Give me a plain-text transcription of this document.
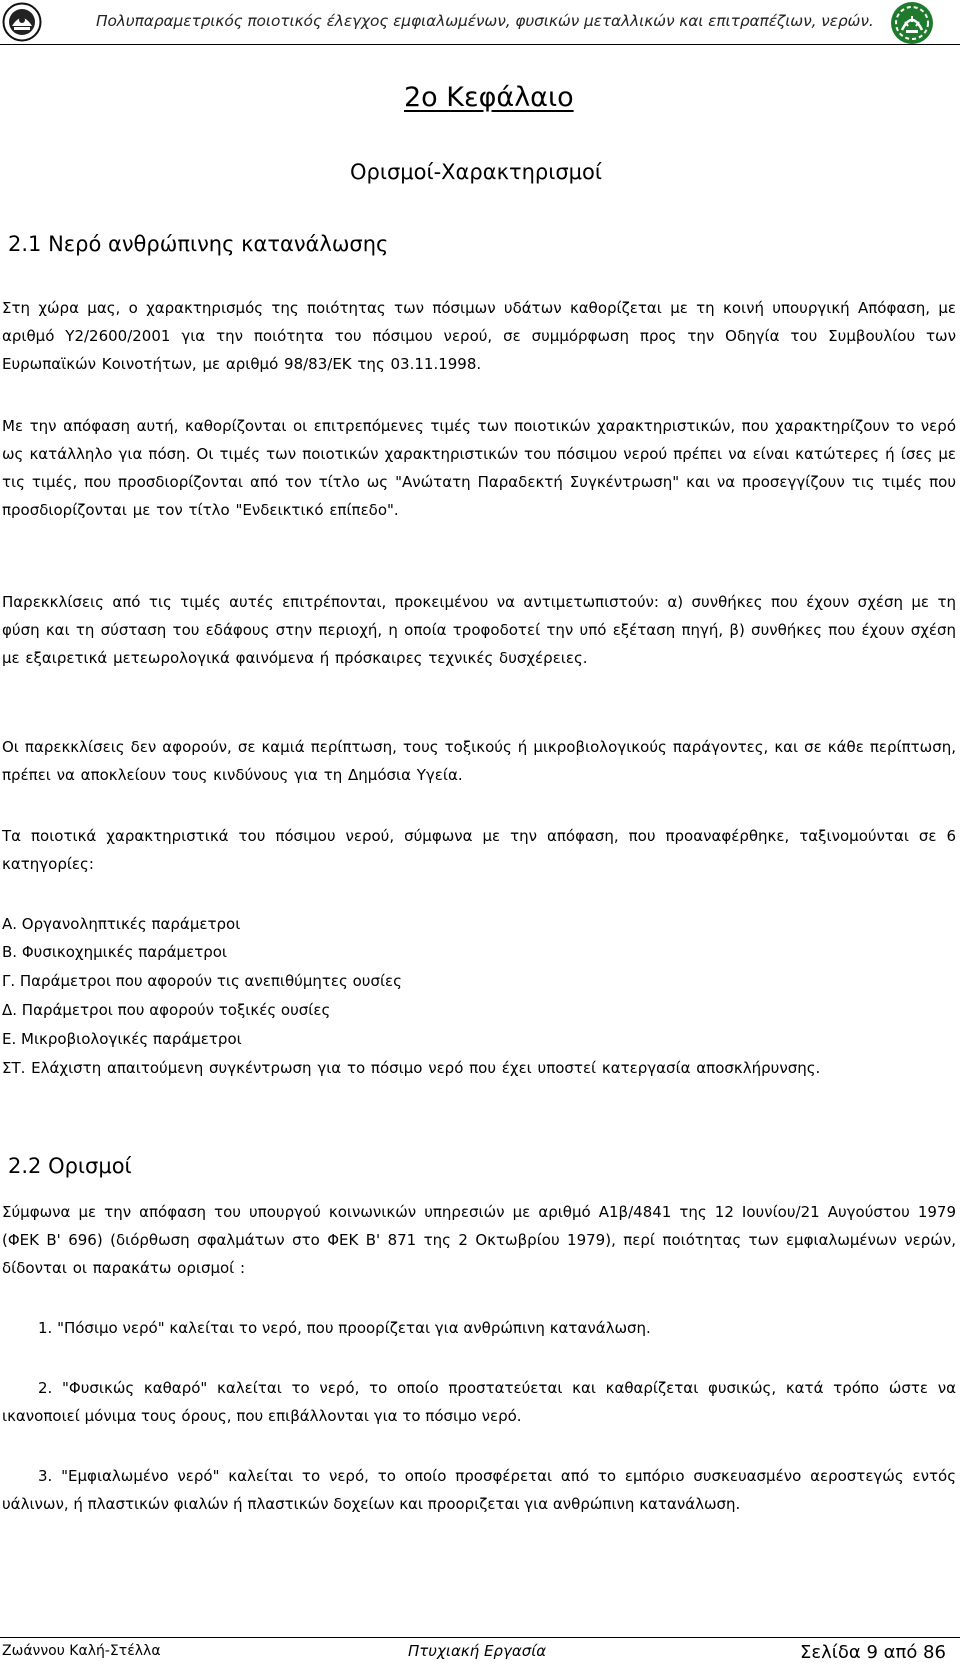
Πολυπαραμετρικός ποιοτικός έλεγχος εμφιαλωμένων, φυσικών μεταλλικών και επιτραπέζιων, νερών.
2ο Κεφάλαιο
Ορισμοί-Χαρακτηρισμοί
2.1 Νερό ανθρώπινης κατανάλωσης
Στη χώρα μας, ο χαρακτηρισμός της ποιότητας των πόσιμων υδάτων καθορίζεται με τη κοινή υπουργική Απόφαση, με αριθμό Υ2/2600/2001 για την ποιότητα του πόσιμου νερού, σε συμμόρφωση προς την Οδηγία του Συμβουλίου των Ευρωπαϊκών Κοινοτήτων, με αριθμό 98/83/ΕΚ της 03.11.1998.
Με την απόφαση αυτή, καθορίζονται οι επιτρεπόμενες τιμές των ποιοτικών χαρακτηριστικών, που χαρακτηρίζουν το νερό ως κατάλληλο για πόση. Οι τιμές των ποιοτικών χαρακτηριστικών του πόσιμου νερού πρέπει να είναι κατώτερες ή ίσες με τις τιμές, που προσδιορίζονται από τον τίτλο ως "Ανώτατη Παραδεκτή Συγκέντρωση" και να προσεγγίζουν τις τιμές που προσδιορίζονται με τον τίτλο "Ενδεικτικό επίπεδο".
Παρεκκλίσεις από τις τιμές αυτές επιτρέπονται, προκειμένου να αντιμετωπιστούν: α) συνθήκες που έχουν σχέση με τη φύση και τη σύσταση του εδάφους στην περιοχή, η οποία τροφοδοτεί την υπό εξέταση πηγή, β) συνθήκες που έχουν σχέση με εξαιρετικά μετεωρολογικά φαινόμενα ή πρόσκαιρες τεχνικές δυσχέρειες.
Οι παρεκκλίσεις δεν αφορούν, σε καμιά περίπτωση, τους τοξικούς ή μικροβιολογικούς παράγοντες, και σε κάθε περίπτωση, πρέπει να αποκλείουν τους κινδύνους για τη Δημόσια Υγεία.
Τα ποιοτικά χαρακτηριστικά του πόσιμου νερού, σύμφωνα με την απόφαση, που προαναφέρθηκε, ταξινομούνται σε 6 κατηγορίες:
Α. Οργανοληπτικές παράμετροι
Β. Φυσικοχημικές παράμετροι
Γ. Παράμετροι που αφορούν τις ανεπιθύμητες ουσίες
Δ. Παράμετροι που αφορούν τοξικές ουσίες
Ε. Μικροβιολογικές παράμετροι
ΣΤ. Ελάχιστη απαιτούμενη συγκέντρωση για το πόσιμο νερό που έχει υποστεί κατεργασία αποσκλήρυνσης.
2.2 Ορισμοί
Σύμφωνα με την απόφαση του υπουργού κοινωνικών υπηρεσιών με αριθμό Α1β/4841 της 12 Ιουνίου/21 Αυγούστου 1979 (ΦΕΚ Β' 696) (διόρθωση σφαλμάτων στο ΦΕΚ Β' 871 της 2 Οκτωβρίου 1979), περί ποιότητας των εμφιαλωμένων νερών, δίδονται οι παρακάτω ορισμοί :
1. "Πόσιμο νερό" καλείται το νερό, που προορίζεται για ανθρώπινη κατανάλωση.
2. "Φυσικώς καθαρό" καλείται το νερό, το οποίο προστατεύεται και καθαρίζεται φυσικώς, κατά τρόπο ώστε να ικανοποιεί μόνιμα τους όρους, που επιβάλλονται για το πόσιμο νερό.
3. "Εμφιαλωμένο νερό" καλείται το νερό, το οποίο προσφέρεται από το εμπόριο συσκευασμένο αεροστεγώς εντός υάλινων, ή πλαστικών φιαλών ή πλαστικών δοχείων και προοριζεται για ανθρώπινη κατανάλωση.
Ζωάννου Καλή-Στέλλα	Πτυχιακή Εργασία	Σελίδα 9 από 86
